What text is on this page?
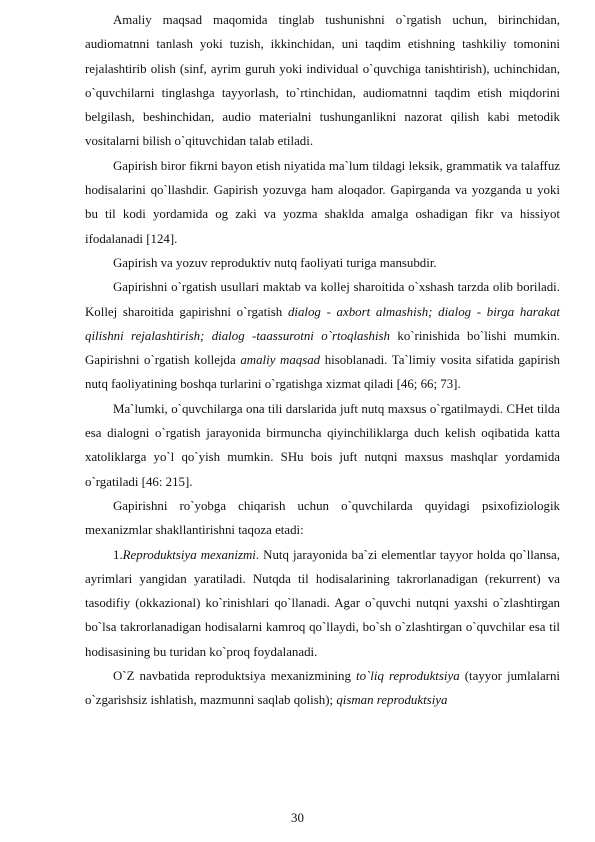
Amaliy maqsad maqomida tinglab tushunishni o`rgatish uchun, birinchidan, audiomatnni tanlash yoki tuzish, ikkinchidan, uni taqdim etishning tashkiliy tomonini rejalashtirib olish (sinf, ayrim guruh yoki individual o`quvchiga tanishtirish), uchinchidan, o`quvchilarni tinglashga tayyorlash, to`rtinchidan, audiomatnni taqdim etish miqdorini belgilash, beshinchidan, audio materialni tushunganlikni nazorat qilish kabi metodik vositalarni bilish o`qituvchidan talab etiladi.

Gapirish biror fikrni bayon etish niyatida ma`lum tildagi leksik, grammatik va talaffuz hodisalarini qo`llashdir. Gapirish yozuvga ham aloqador. Gapirganda va yozganda u yoki bu til kodi yordamida og zaki va yozma shaklda amalga oshadigan fikr va hissiyot ifodalanadi [124].

Gapirish va yozuv reproduktiv nutq faoliyati turiga mansubdir.

Gapirishni o`rgatish usullari maktab va kollej sharoitida o`xshash tarzda olib boriladi. Kollej sharoitida gapirishni o`rgatish dialog - axbort almashish; dialog - birga harakat qilishni rejalashtirish; dialog -taassurotni o`rtoqlashish ko`rinishida bo`lishi mumkin. Gapirishni o`rgatish kollejda amaliy maqsad hisoblanadi. Ta`limiy vosita sifatida gapirish nutq faoliyatining boshqa turlarini o`rgatishga xizmat qiladi [46; 66; 73].

Ma`lumki, o`quvchilarga ona tili darslarida juft nutq maxsus o`rgatilmaydi. CHet tilda esa dialogni o`rgatish jarayonida birmuncha qiyinchiliklarga duch kelish oqibatida katta xatoliklarga yo`l qo`yish mumkin. SHu bois juft nutqni maxsus mashqlar yordamida o`rgatiladi [46: 215].

Gapirishni ro`yobga chiqarish uchun o`quvchilarda quyidagi psixofiziologik mexanizmlar shakllantirishni taqoza etadi:

1.Reproduktsiya mexanizmi. Nutq jarayonida ba`zi elementlar tayyor holda qo`llansa, ayrimlari yangidan yaratiladi. Nutqda til hodisalarining takrorlanadigan (rekurrent) va tasodifiy (okkazional) ko`rinishlari qo`llanadi. Agar o`quvchi nutqni yaxshi o`zlashtirgan bo`lsa takrorlanadigan hodisalarni kamroq qo`llaydi, bo`sh o`zlashtirgan o`quvchilar esa til hodisasining bu turidan ko`proq foydalanadi.

O`Z navbatida reproduktsiya mexanizmining to`liq reproduktsiya (tayyor jumlalarni o`zgarishsiz ishlatish, mazmunni saqlab qolish); qisman reproduktsiya

30
